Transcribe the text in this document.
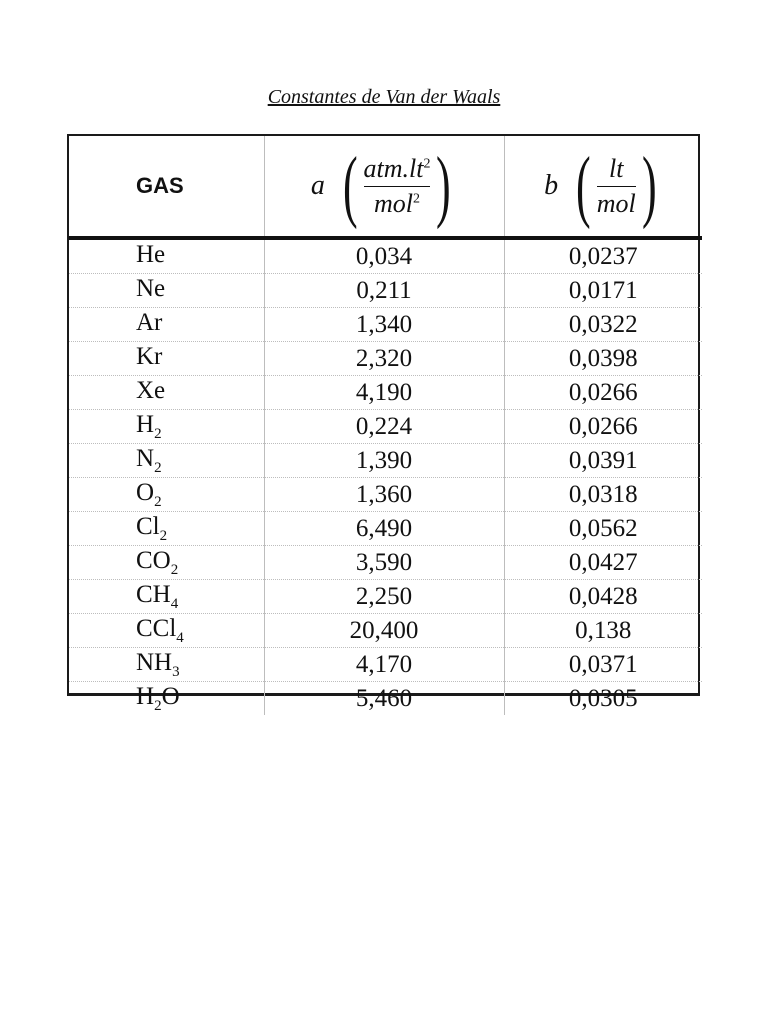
Constantes de Van der Waals
GAS	a ( $\frac{atm.lt^2}{mol^2}$ )	b ( $\frac{lt}{\text{mol}}$ )

He	0,034	0,0237
Ne	0,211	0,0171
Ar	1,340	0,0322
Kr	2,320	0,0398
Xe	4,190	0,0266
$H_2$	0,224	0,0266
$N_2$	1,390	0,0391
$O_2$	1,360	0,0318
$Cl_2$	6,490	0,0562
$CO_2$	3,590	0,0427
$CH_4$	2,250	0,0428
CCl$_4$	20,400	0,138
$NH_3$	4,170	0,0371
$H_2O$	5,460	0,0305
